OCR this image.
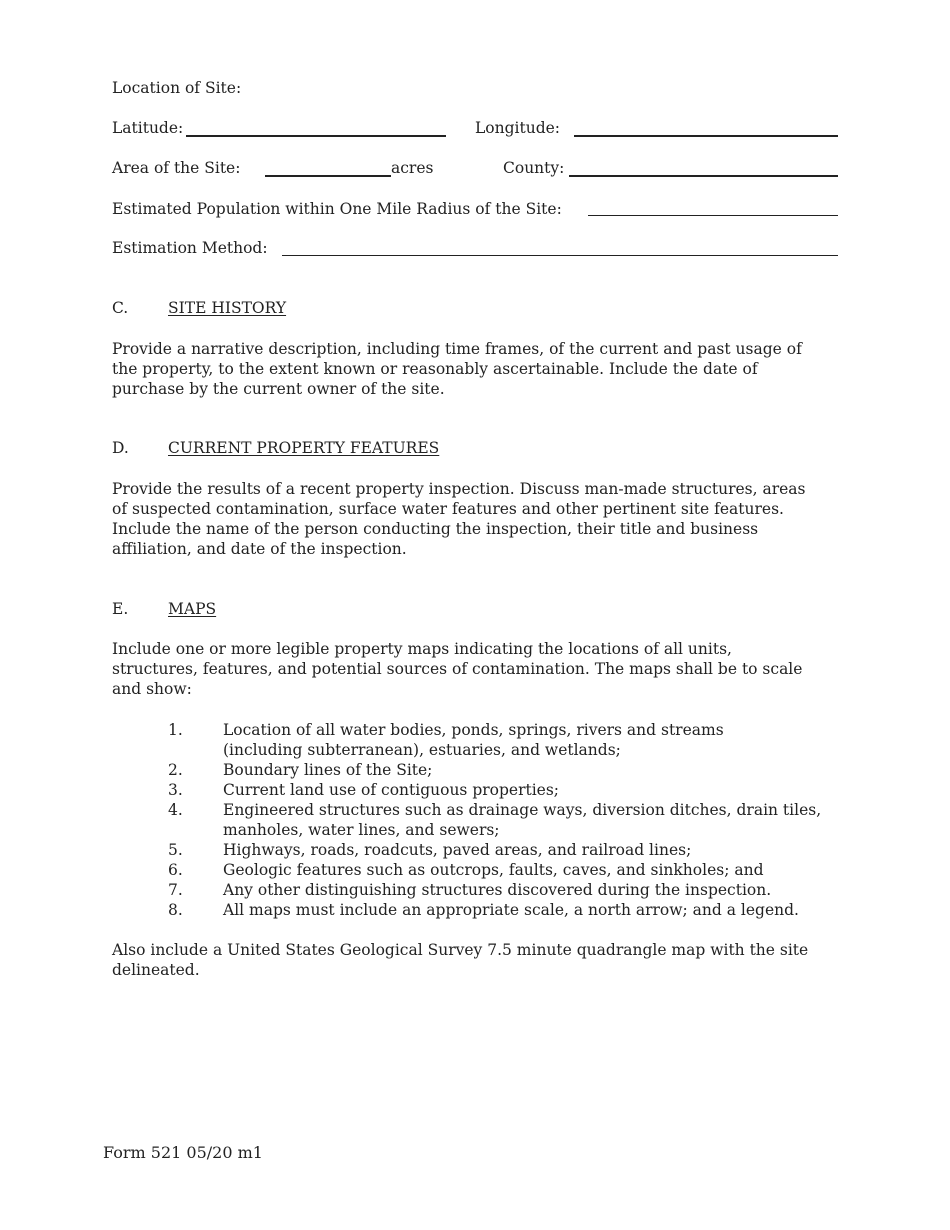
Location of Site:
Latitude:	Longitude:
Area of the Site:	acres	County:
Estimated Population within One Mile Radius of the Site:
Estimation Method:
C.	SITE HISTORY
Provide a narrative description, including time frames, of the current and past usage of the property, to the extent known or reasonably ascertainable. Include the date of purchase by the current owner of the site.
D.	CURRENT PROPERTY FEATURES
Provide the results of a recent property inspection. Discuss man-made structures, areas of suspected contamination, surface water features and other pertinent site features. Include the name of the person conducting the inspection, their title and business affiliation, and date of the inspection.
E.	MAPS
Include one or more legible property maps indicating the locations of all units, structures, features, and potential sources of contamination. The maps shall be to scale and show:
1.	Location of all water bodies, ponds, springs, rivers and streams (including subterranean), estuaries, and wetlands;
2.	Boundary lines of the Site;
3.	Current land use of contiguous properties;
4.	Engineered structures such as drainage ways, diversion ditches, drain tiles, manholes, water lines, and sewers;
5.	Highways, roads, roadcuts, paved areas, and railroad lines;
6.	Geologic features such as outcrops, faults, caves, and sinkholes; and
7.	Any other distinguishing structures discovered during the inspection.
8.	All maps must include an appropriate scale, a north arrow; and a legend.
Also include a United States Geological Survey 7.5 minute quadrangle map with the site delineated.
Form 521 05/20 m1
